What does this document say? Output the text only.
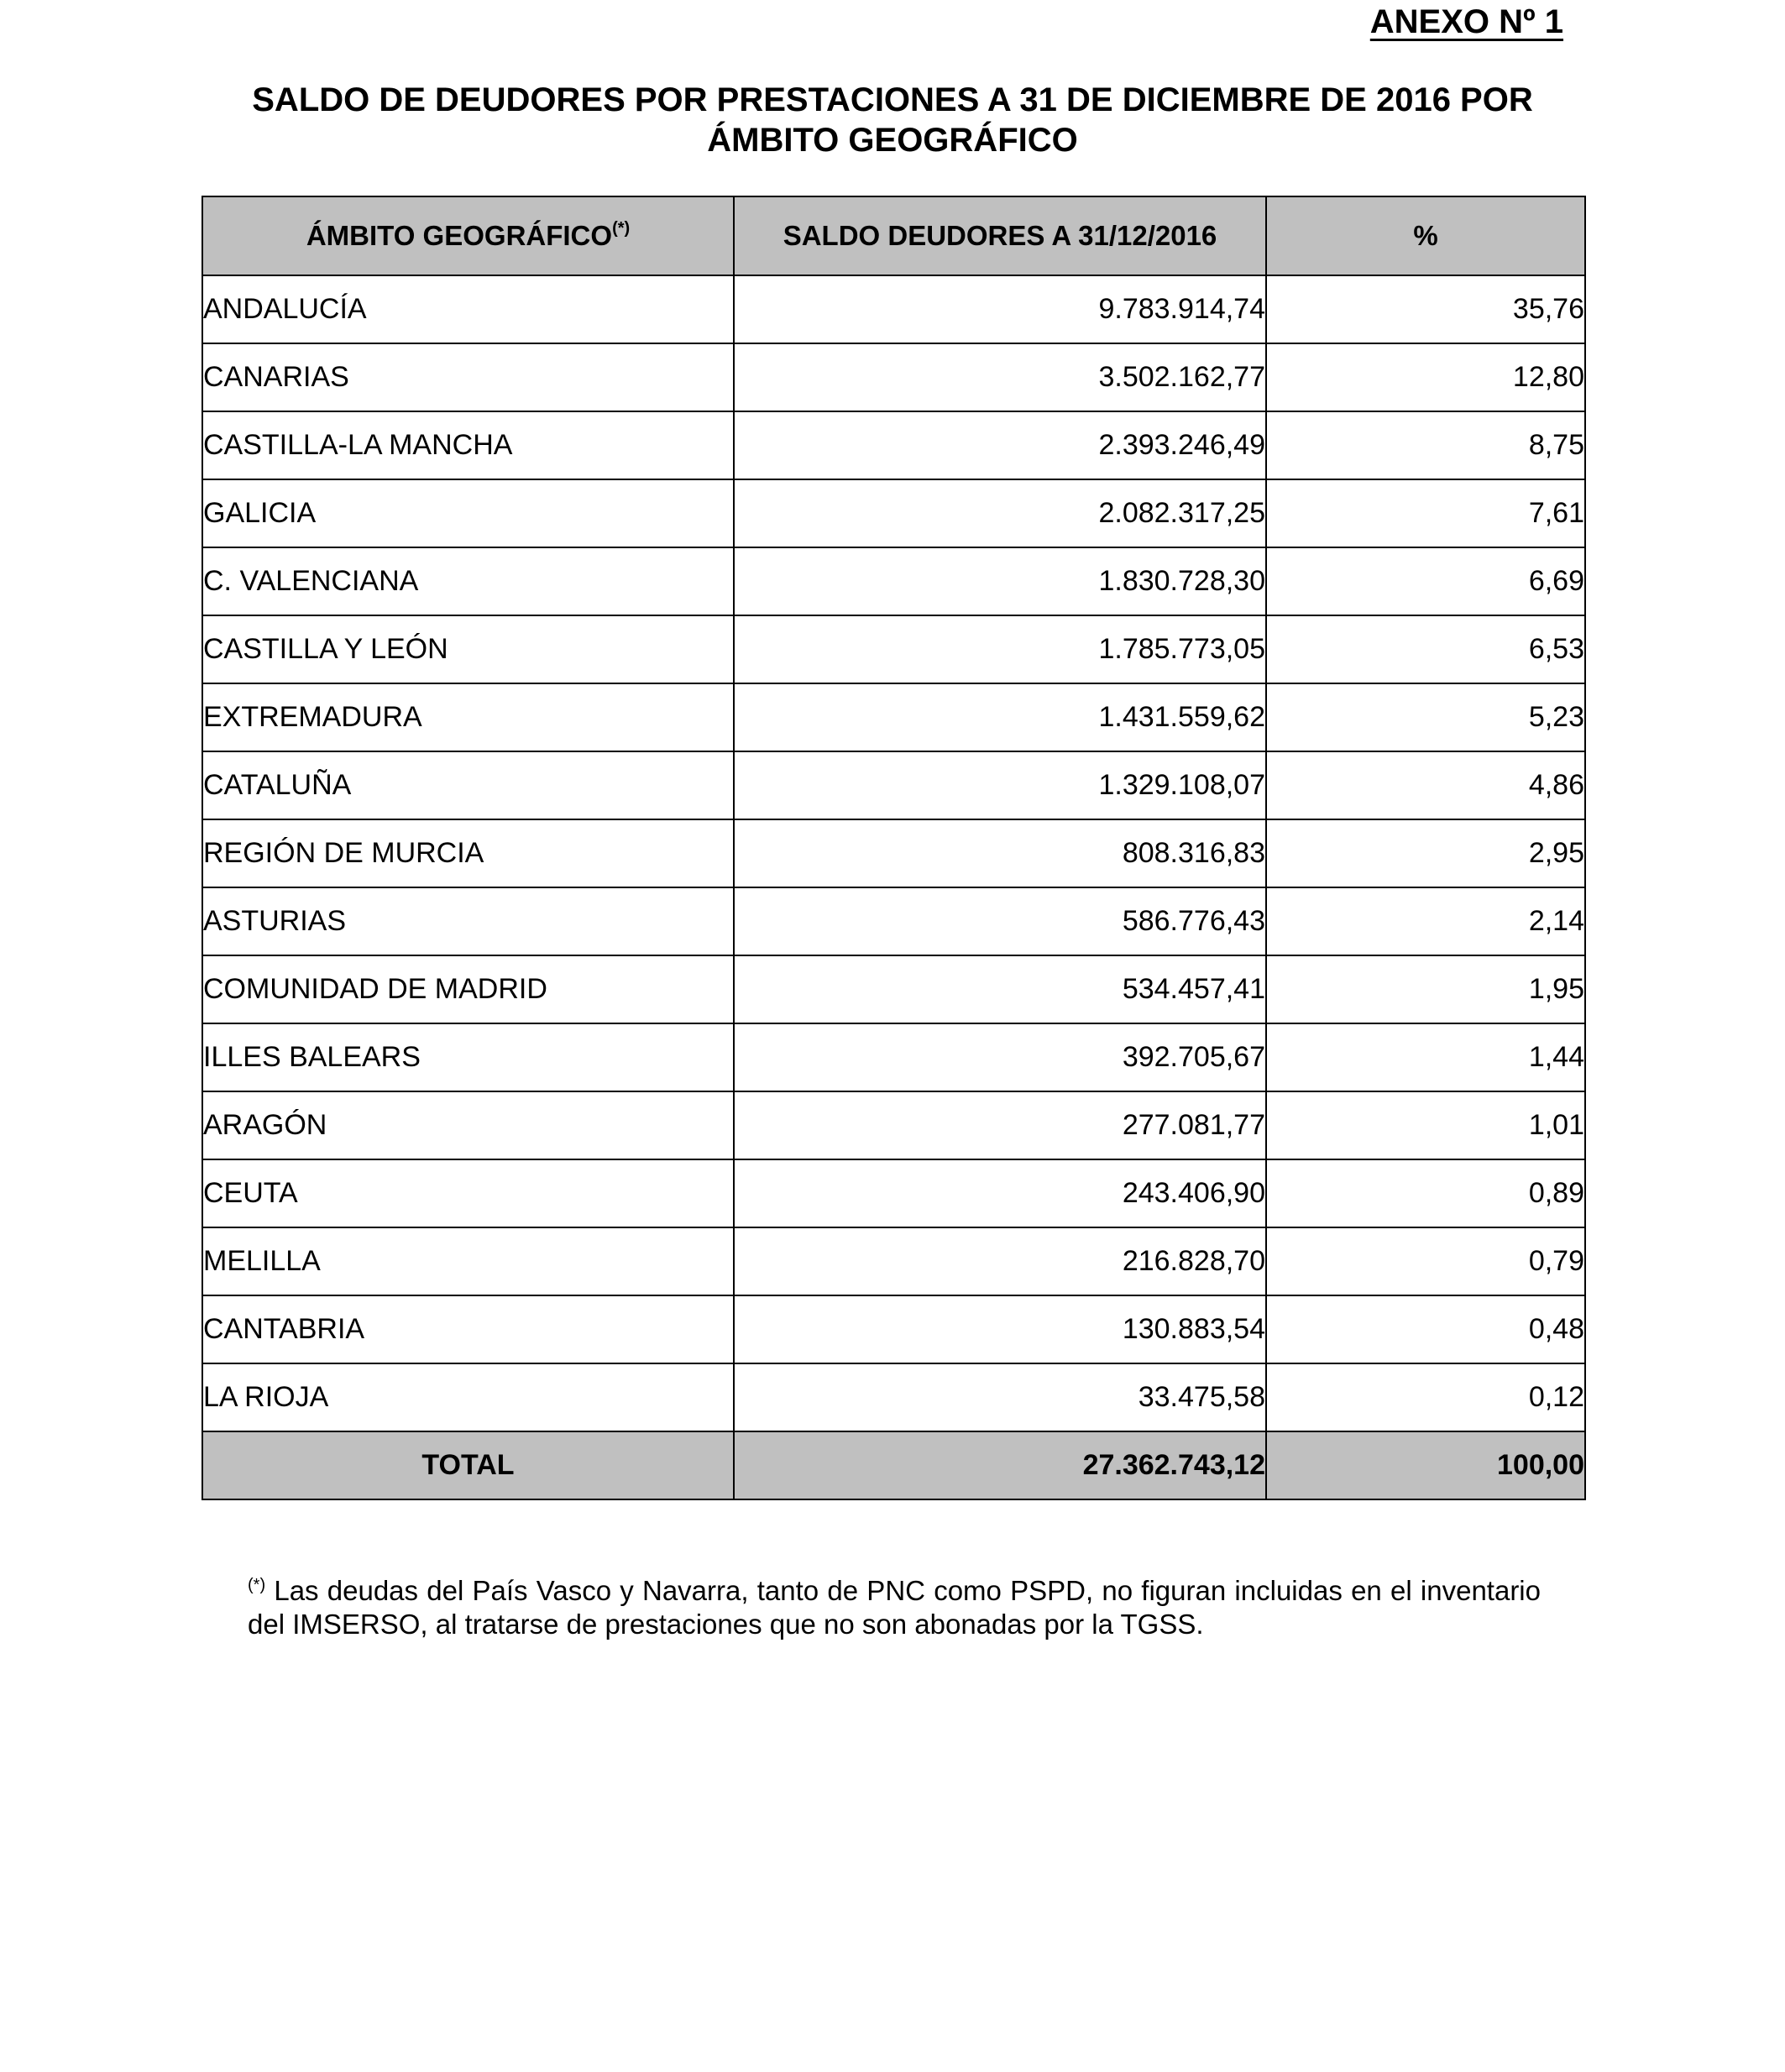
ANEXO Nº 1
SALDO DE DEUDORES POR PRESTACIONES A 31 DE DICIEMBRE DE 2016 POR ÁMBITO GEOGRÁFICO
ÁMBITO GEOGRÁFICO(*)	SALDO DEUDORES A 31/12/2016	%
ANDALUCÍA	9.783.914,74	35,76
CANARIAS	3.502.162,77	12,80
CASTILLA-LA MANCHA	2.393.246,49	8,75
GALICIA	2.082.317,25	7,61
C. VALENCIANA	1.830.728,30	6,69
CASTILLA Y LEÓN	1.785.773,05	6,53
EXTREMADURA	1.431.559,62	5,23
CATALUÑA	1.329.108,07	4,86
REGIÓN DE MURCIA	808.316,83	2,95
ASTURIAS	586.776,43	2,14
COMUNIDAD DE MADRID	534.457,41	1,95
ILLES BALEARS	392.705,67	1,44
ARAGÓN	277.081,77	1,01
CEUTA	243.406,90	0,89
MELILLA	216.828,70	0,79
CANTABRIA	130.883,54	0,48
LA RIOJA	33.475,58	0,12
TOTAL	27.362.743,12	100,00
(*) Las deudas del País Vasco y Navarra, tanto de PNC como PSPD, no figuran incluidas en el inventario del IMSERSO, al tratarse de prestaciones que no son abonadas por la TGSS.
